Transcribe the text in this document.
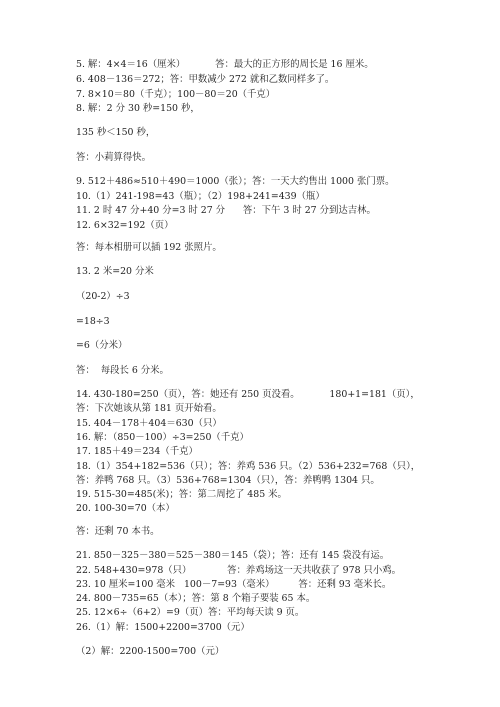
5. 解：4×4＝16（厘米）          答：最大的正方形的周长是 16 厘米。
6. 408－136＝272；答：甲数减少 272 就和乙数同样多了。
7. 8×10＝80（千克）；100－80＝20（千克）
8. 解：2 分 30 秒=150 秒，
135 秒＜150 秒，
答：小莉算得快。
9. 512＋486≈510＋490＝1000（张）；答：一天大约售出 1000 张门票。
10.（1）241-198=43（瓶）；（2）198+241=439（瓶）
11. 2 时 47 分+40 分=3 时 27 分      答：下午 3 时 27 分到达吉林。
12. 6×32=192（页）
答：每本相册可以插 192 张照片。
13. 2 米=20 分米
（20-2）÷3
=18÷3
=6（分米）
答：  每段长 6 分米。
14. 430-180=250（页），答：她还有 250 页没看。          180+1=181（页），
答：下次她该从第 181 页开始看。
15. 404－178＋404＝630（只）
16. 解：（850－100）÷3=250（千克）
17. 185＋49＝234（千克）
18.（1）354+182=536（只）；答：养鸡 536 只。（2）536+232=768（只），
答：养鸭 768 只。（3）536+768=1304（只），答：养鸭鸭 1304 只。
19. 515-30=485(米)；答：第二周挖了 485 米。
20. 100-30=70（本）
答：还剩 70 本书。
21. 850－325－380＝525－380＝145（袋）；答：还有 145 袋没有运。
22. 548+430=978（只）            答：养鸡场这一天共收获了 978 只小鸡。
23. 10 厘米=100 毫米   100－7=93（毫米）        答：还剩 93 毫米长。
24. 800－735=65（本）；答：第 8 个箱子要装 65 本。
25. 12×6÷（6+2）=9（页）答：平均每天读 9 页。
26.（1）解：1500+2200=3700（元）
（2）解：2200-1500=700（元）
